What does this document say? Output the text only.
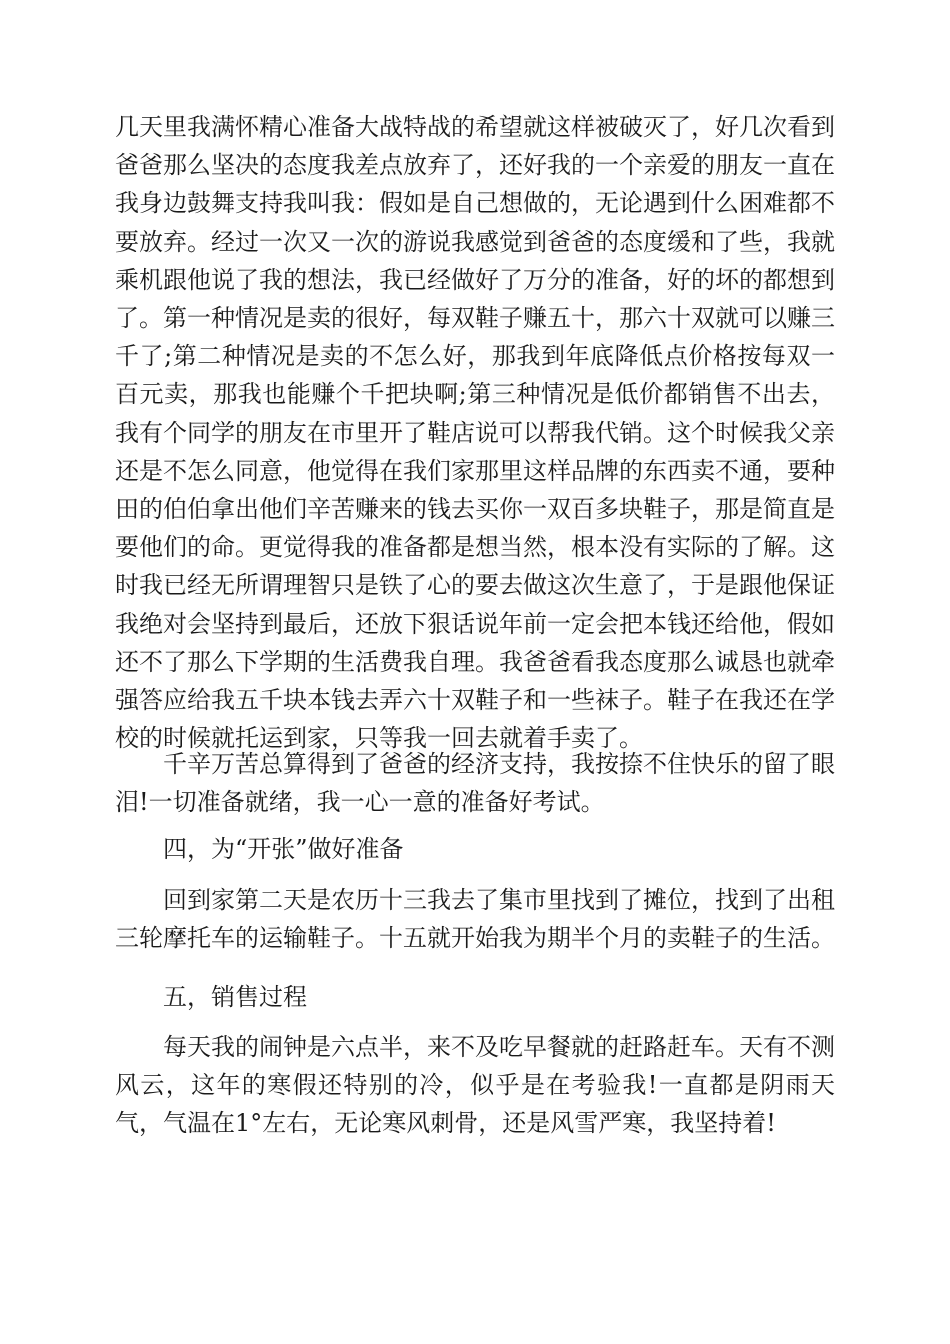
几天里我满怀精心准备大战特战的希望就这样被破灭了，好几次看到爸爸那么坚决的态度我差点放弃了，还好我的一个亲爱的朋友一直在我身边鼓舞支持我叫我：假如是自己想做的，无论遇到什么困难都不要放弃。经过一次又一次的游说我感觉到爸爸的态度缓和了些，我就乘机跟他说了我的想法，我已经做好了万分的准备，好的坏的都想到了。第一种情况是卖的很好，每双鞋子赚五十，那六十双就可以赚三千了;第二种情况是卖的不怎么好，那我到年底降低点价格按每双一百元卖，那我也能赚个千把块啊;第三种情况是低价都销售不出去，我有个同学的朋友在市里开了鞋店说可以帮我代销。这个时候我父亲还是不怎么同意，他觉得在我们家那里这样品牌的东西卖不通，要种田的伯伯拿出他们辛苦赚来的钱去买你一双百多块鞋子，那是简直是要他们的命。更觉得我的准备都是想当然，根本没有实际的了解。这时我已经无所谓理智只是铁了心的要去做这次生意了，于是跟他保证我绝对会坚持到最后，还放下狠话说年前一定会把本钱还给他，假如还不了那么下学期的生活费我自理。我爸爸看我态度那么诚恳也就牵强答应给我五千块本钱去弄六十双鞋子和一些袜子。鞋子在我还在学校的时候就托运到家，只等我一回去就着手卖了。

千辛万苦总算得到了爸爸的经济支持，我按捺不住快乐的留了眼泪!一切准备就绪，我一心一意的准备好考试。

四，为“开张”做好准备

回到家第二天是农历十三我去了集市里找到了摊位，找到了出租三轮摩托车的运输鞋子。十五就开始我为期半个月的卖鞋子的生活。

五，销售过程

每天我的闹钟是六点半，来不及吃早餐就的赶路赶车。天有不测风云，这年的寒假还特别的冷，似乎是在考验我!一直都是阴雨天气，气温在1°左右，无论寒风刺骨，还是风雪严寒，我坚持着!
